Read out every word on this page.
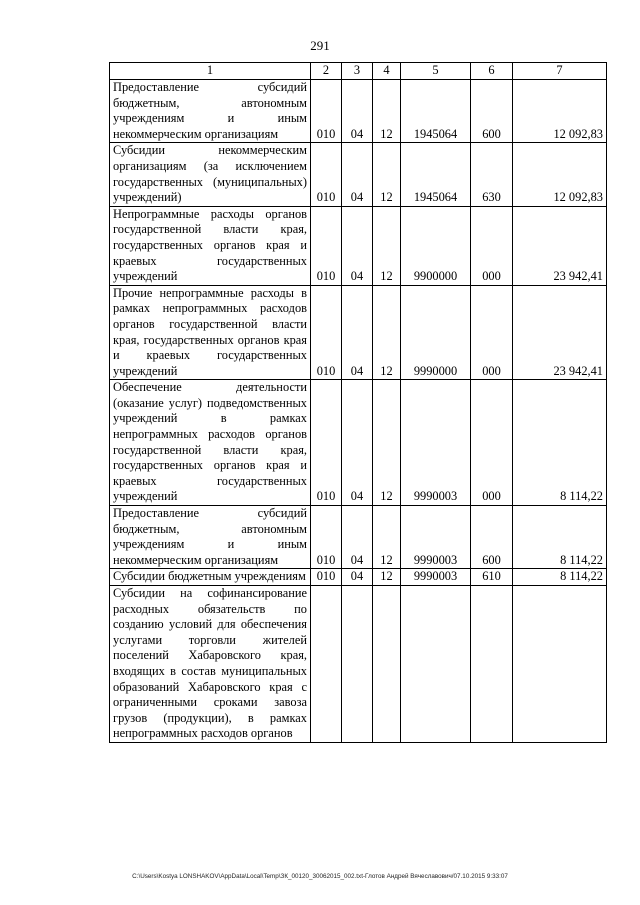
291
1	2	3	4	5	6	7
Предоставление субсидий бюджетным, автономным учреждениям и иным некоммерческим организациям	010	04	12	1945064	600	12 092,83
Субсидии некоммерческим организациям (за исключением государственных (муниципальных) учреждений)	010	04	12	1945064	630	12 092,83
Непрограммные расходы органов государственной власти края, государственных органов края и краевых государственных учреждений	010	04	12	9900000	000	23 942,41
Прочие непрограммные расходы в рамках непрограммных расходов органов государственной власти края, государственных органов края и краевых государственных учреждений	010	04	12	9990000	000	23 942,41
Обеспечение деятельности (оказание услуг) подведомственных учреждений в рамках непрограммных расходов органов государственной власти края, государственных органов края и краевых государственных учреждений	010	04	12	9990003	000	8 114,22
Предоставление субсидий бюджетным, автономным учреждениям и иным некоммерческим организациям	010	04	12	9990003	600	8 114,22
Субсидии бюджетным учреждениям	010	04	12	9990003	610	8 114,22
Субсидии на софинансирование расходных обязательств по созданию условий для обеспечения услугами торговли жителей поселений Хабаровского края, входящих в состав муниципальных образований Хабаровского края с ограниченными сроками завоза грузов (продукции), в рамках непрограммных расходов органов						
C:\Users\Kostya LONSHAKOV\AppData\Local\Temp\ЗК_00120_30062015_002.txt-Глотов Андрей Вячеславович/07.10.2015 9:33:07
